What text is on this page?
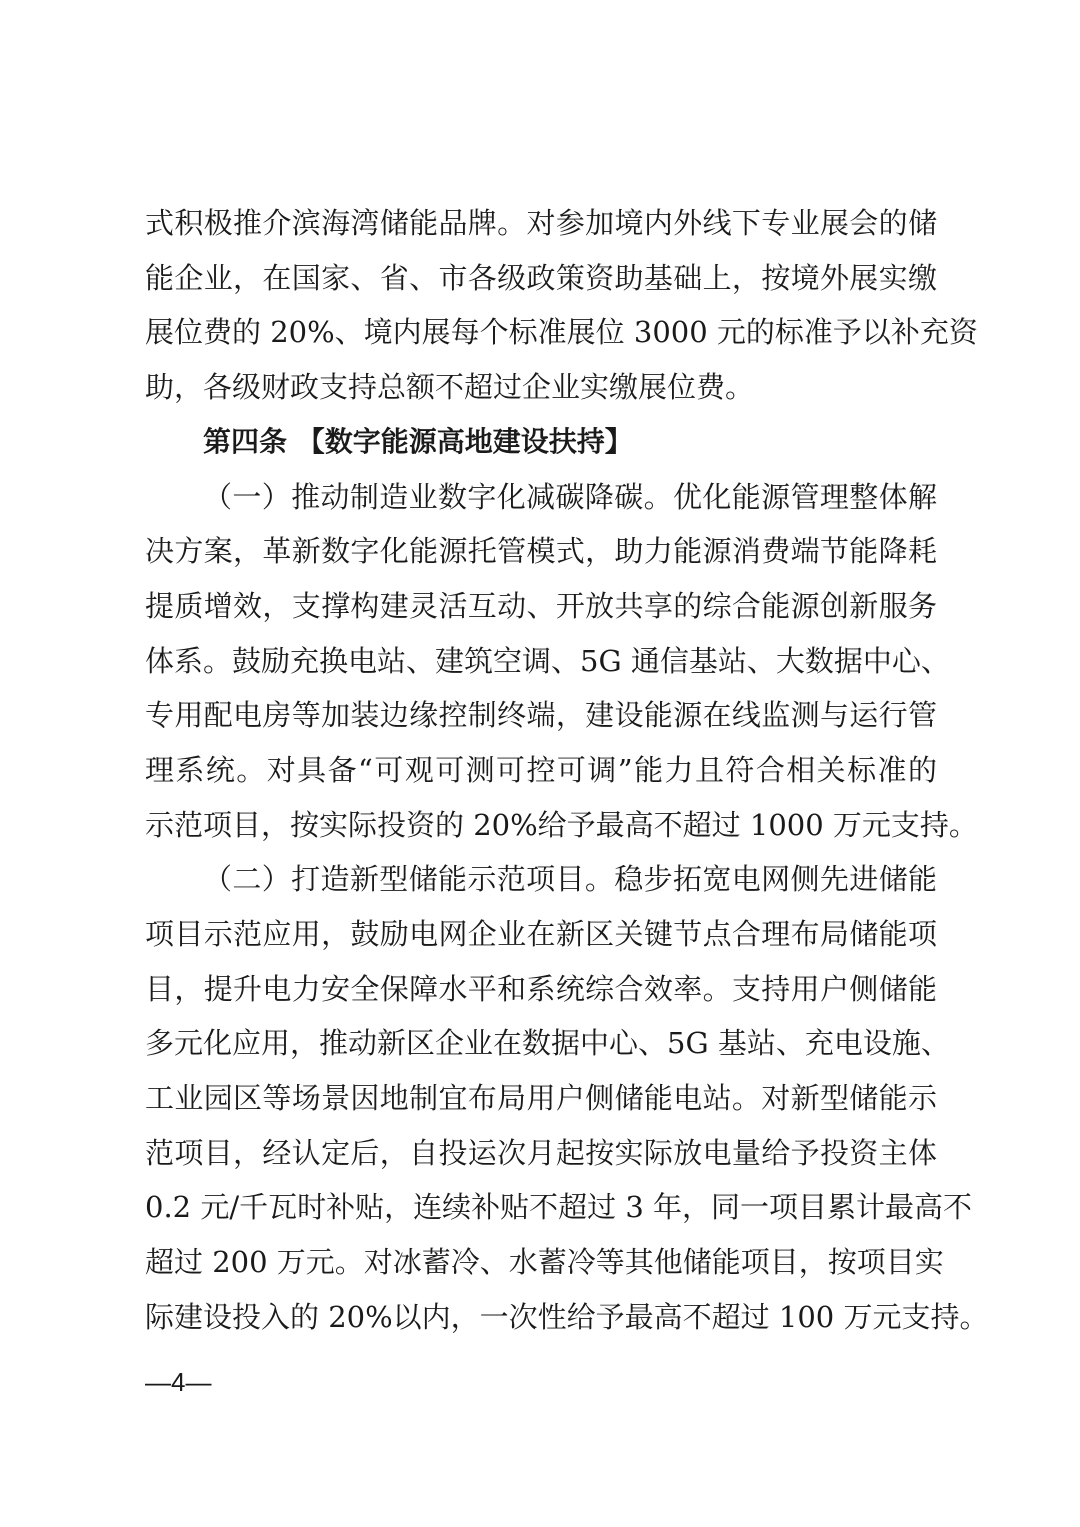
式积极推介滨海湾储能品牌。对参加境内外线下专业展会的储
能企业，在国家、省、市各级政策资助基础上，按境外展实缴
展位费的 20%、境内展每个标准展位 3000 元的标准予以补充资
助，各级财政支持总额不超过企业实缴展位费。
第四条 【数字能源高地建设扶持】
（一）推动制造业数字化减碳降碳。优化能源管理整体解
决方案，革新数字化能源托管模式，助力能源消费端节能降耗
提质增效，支撑构建灵活互动、开放共享的综合能源创新服务
体系。鼓励充换电站、建筑空调、5G 通信基站、大数据中心、
专用配电房等加装边缘控制终端，建设能源在线监测与运行管
理系统。对具备“可观可测可控可调”能力且符合相关标准的
示范项目，按实际投资的 20%给予最高不超过 1000 万元支持。
（二）打造新型储能示范项目。稳步拓宽电网侧先进储能
项目示范应用，鼓励电网企业在新区关键节点合理布局储能项
目，提升电力安全保障水平和系统综合效率。支持用户侧储能
多元化应用，推动新区企业在数据中心、5G 基站、充电设施、
工业园区等场景因地制宜布局用户侧储能电站。对新型储能示
范项目，经认定后，自投运次月起按实际放电量给予投资主体
0.2 元/千瓦时补贴，连续补贴不超过 3 年，同一项目累计最高不
超过 200 万元。对冰蓄冷、水蓄冷等其他储能项目，按项目实
际建设投入的 20%以内，一次性给予最高不超过 100 万元支持。
—4—
